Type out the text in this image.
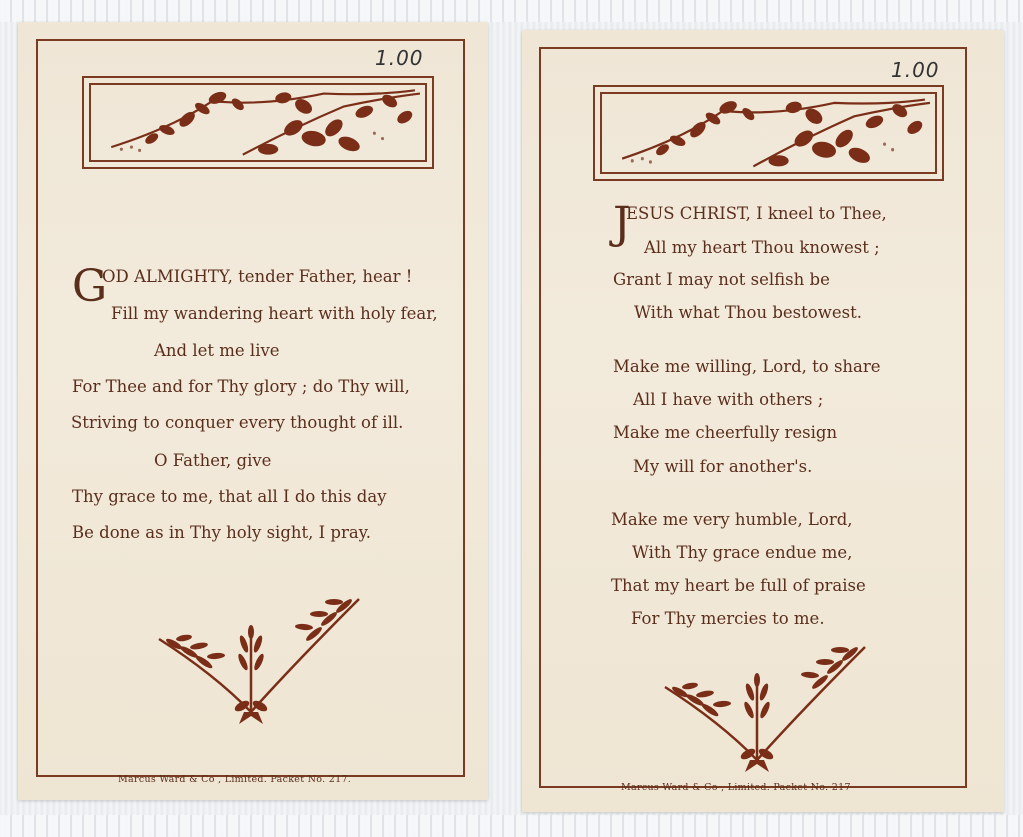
1.00
G
OD ALMIGHTY, tender Father, hear !
Fill my wandering heart with holy fear,
And let me live
For Thee and for Thy glory ; do Thy will,
Striving to conquer every thought of ill.
O Father, give
Thy grace to me, that all I do this day
Be done as in Thy holy sight, I pray.
Marcus Ward & Co , Limited. Packet No. 217.
1.00
J
ESUS CHRIST, I kneel to Thee,
All my heart Thou knowest ;
Grant I may not selfish be
With what Thou bestowest.
Make me willing, Lord, to share
All I have with others ;
Make me cheerfully resign
My will for another's.
Make me very humble, Lord,
With Thy grace endue me,
That my heart be full of praise
For Thy mercies to me.
Marcus Ward & Co , Limited. Packet No. 217
